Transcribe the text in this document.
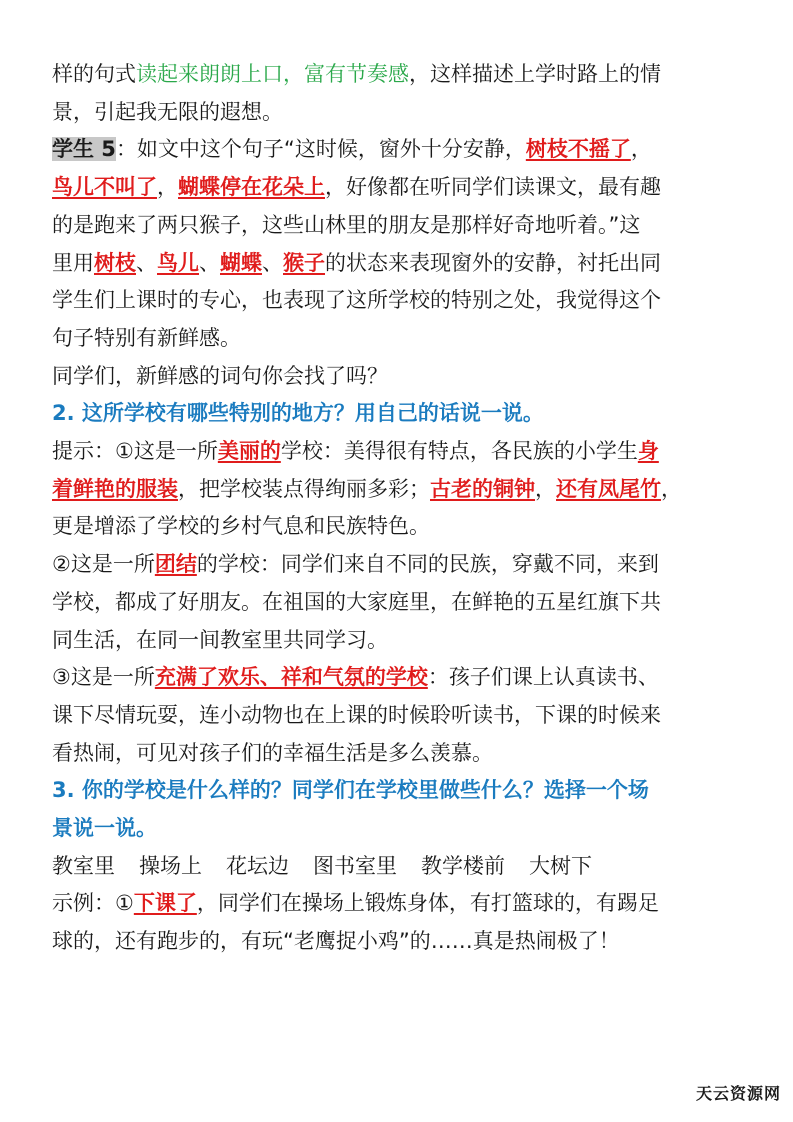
样的句式读起来朗朗上口，富有节奏感，这样描述上学时路上的情
景，引起我无限的遐想。
学生 5：如文中这个句子“这时候，窗外十分安静，树枝不摇了，
鸟儿不叫了，蝴蝶停在花朵上，好像都在听同学们读课文，最有趣
的是跑来了两只猴子，这些山林里的朋友是那样好奇地听着。”这
里用树枝、鸟儿、蝴蝶、猴子的状态来表现窗外的安静，衬托出同
学生们上课时的专心，也表现了这所学校的特别之处，我觉得这个
句子特别有新鲜感。
同学们，新鲜感的词句你会找了吗？
2. 这所学校有哪些特别的地方？用自己的话说一说。
提示：①这是一所美丽的学校：美得很有特点，各民族的小学生身
着鲜艳的服装，把学校装点得绚丽多彩；古老的铜钟，还有凤尾竹，
更是增添了学校的乡村气息和民族特色。
②这是一所团结的学校：同学们来自不同的民族，穿戴不同，来到
学校，都成了好朋友。在祖国的大家庭里，在鲜艳的五星红旗下共
同生活，在同一间教室里共同学习。
③这是一所充满了欢乐、祥和气氛的学校：孩子们课上认真读书、
课下尽情玩耍，连小动物也在上课的时候聆听读书，下课的时候来
看热闹，可见对孩子们的幸福生活是多么羡慕。
3. 你的学校是什么样的？同学们在学校里做些什么？选择一个场
景说一说。
教室里 操场上 花坛边 图书室里 教学楼前 大树下
示例：①下课了，同学们在操场上锻炼身体，有打篮球的，有踢足
球的，还有跑步的，有玩“老鹰捉小鸡”的……真是热闹极了！
天云资源网
